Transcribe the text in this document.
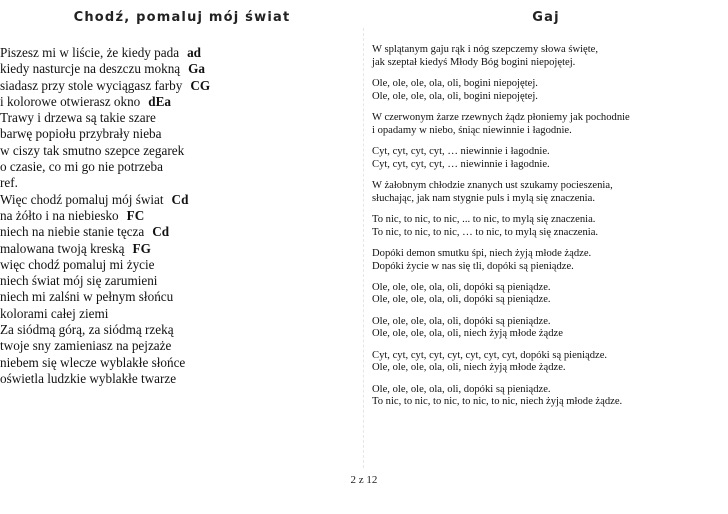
Chodź, pomaluj mój świat	Gaj
Piszesz mi w liście, że kiedy pada ad
kiedy nasturcje na deszczu mokną Ga
siadasz przy stole wyciągasz farby CG
i kolorowe otwierasz okno dEa
Trawy i drzewa są takie szare
barwę popiołu przybrały nieba
w ciszy tak smutno szepce zegarek
o czasie, co mi go nie potrzeba
ref.
Więc chodź pomaluj mój świat Cd
na żółto i na niebiesko FC
niech na niebie stanie tęcza Cd
malowana twoją kreską FG
więc chodź pomaluj mi życie
niech świat mój się zarumieni
niech mi zalśni w pełnym słońcu
kolorami całej ziemi
Za siódmą górą, za siódmą rzeką
twoje sny zamieniasz na pejzaże
niebem się wlecze wyblakłe słońce
oświetla ludzkie wyblakłe twarze
W splątanym gaju rąk i nóg szepczemy słowa święte,
jak szeptał kiedyś Młody Bóg bogini niepojętej.
Ole, ole, ole, ola, oli, bogini niepojętej.
Ole, ole, ole, ola, oli, bogini niepojętej.
W czerwonym żarze rzewnych żądz płoniemy jak pochodnie
i opadamy w niebo, śniąc niewinnie i łagodnie.
Cyt, cyt, cyt, cyt, … niewinnie i łagodnie.
Cyt, cyt, cyt, cyt, … niewinnie i łagodnie.
W żałobnym chłodzie znanych ust szukamy pocieszenia,
słuchając, jak nam stygnie puls i mylą się znaczenia.
To nic, to nic, to nic, ... to nic, to mylą się znaczenia.
To nic, to nic, to nic, … to nic, to mylą się znaczenia.
Dopóki demon smutku śpi, niech żyją młode żądze.
Dopóki życie w nas się tli, dopóki są pieniądze.
Ole, ole, ole, ola, oli, dopóki są pieniądze.
Ole, ole, ole, ola, oli, dopóki są pieniądze.
Ole, ole, ole, ola, oli, dopóki są pieniądze.
Ole, ole, ole, ola, oli, niech żyją młode żądze
Cyt, cyt, cyt, cyt, cyt, cyt, cyt, cyt, dopóki są pieniądze.
Ole, ole, ole, ola, oli, niech żyją młode żądze.
Ole, ole, ole, ola, oli, dopóki są pieniądze.
To nic, to nic, to nic, to nic, to nic, niech żyją młode żądze.
2 z 12
